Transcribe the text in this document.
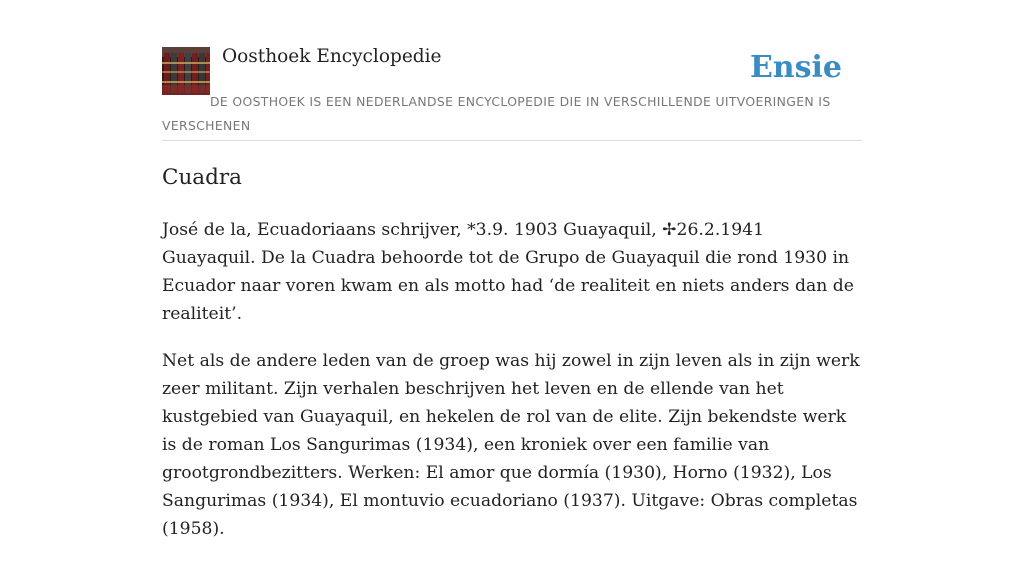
Oosthoek Encyclopedie	Ensie
DE OOSTHOEK IS EEN NEDERLANDSE ENCYCLOPEDIE DIE IN VERSCHILLENDE UITVOERINGEN IS VERSCHENEN
Cuadra

José de la, Ecuadoriaans schrijver, *3.9. 1903 Guayaquil, ✢26.2.1941 Guayaquil. De la Cuadra behoorde tot de Grupo de Guayaquil die rond 1930 in Ecuador naar voren kwam en als motto had ‘de realiteit en niets anders dan de realiteit’.

Net als de andere leden van de groep was hij zowel in zijn leven als in zijn werk zeer militant. Zijn verhalen beschrijven het leven en de ellende van het kustgebied van Guayaquil, en hekelen de rol van de elite. Zijn bekendste werk is de roman Los Sangurimas (1934), een kroniek over een familie van grootgrondbezitters. Werken: El amor que dormía (1930), Horno (1932), Los Sangurimas (1934), El montuvio ecuadoriano (1937). Uitgave: Obras completas (1958).
